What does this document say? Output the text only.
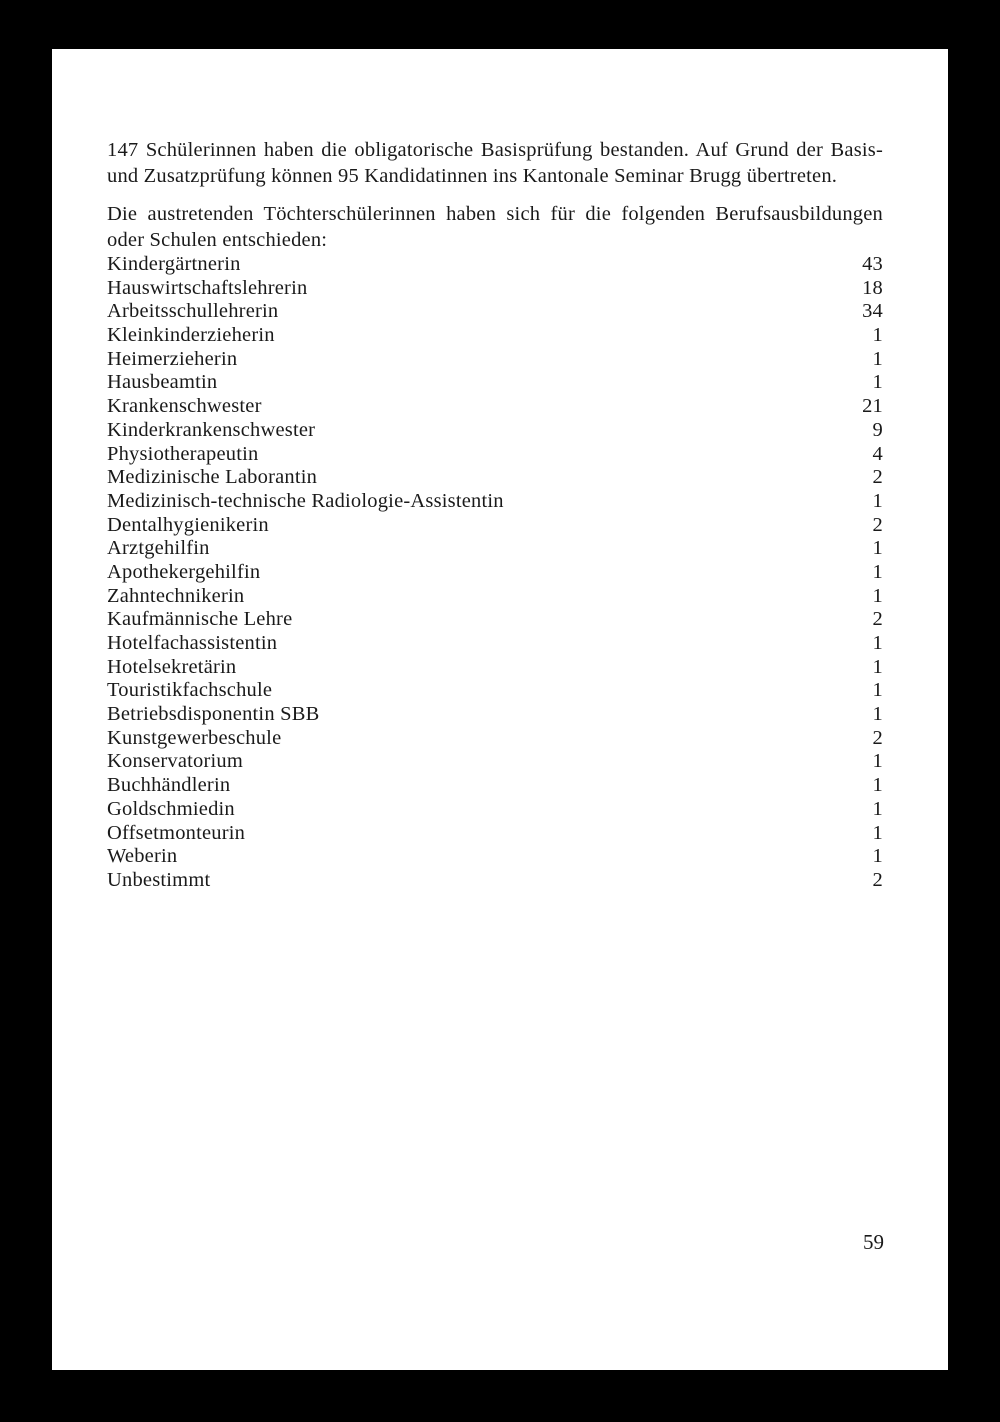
147 Schülerinnen haben die obligatorische Basisprüfung bestanden. Auf Grund der Basis- und Zusatzprüfung können 95 Kandidatinnen ins Kantonale Seminar Brugg übertreten.

Die austretenden Töchterschülerinnen haben sich für die folgenden Berufsausbildungen oder Schulen entschieden:

Kindergärtnerin	43
Hauswirtschaftslehrerin	18
Arbeitsschullehrerin	34
Kleinkinderzieherin	1
Heimerzieherin	1
Hausbeamtin	1
Krankenschwester	21
Kinderkrankenschwester	9
Physiotherapeutin	4
Medizinische Laborantin	2
Medizinisch-technische Radiologie-Assistentin	1
Dentalhygienikerin	2
Arztgehilfin	1
Apothekergehilfin	1
Zahntechnikerin	1
Kaufmännische Lehre	2
Hotelfachassistentin	1
Hotelsekretärin	1
Touristikfachschule	1
Betriebsdisponentin SBB	1
Kunstgewerbeschule	2
Konservatorium	1
Buchhändlerin	1
Goldschmiedin	1
Offsetmonteurin	1
Weberin	1
Unbestimmt	2
59
